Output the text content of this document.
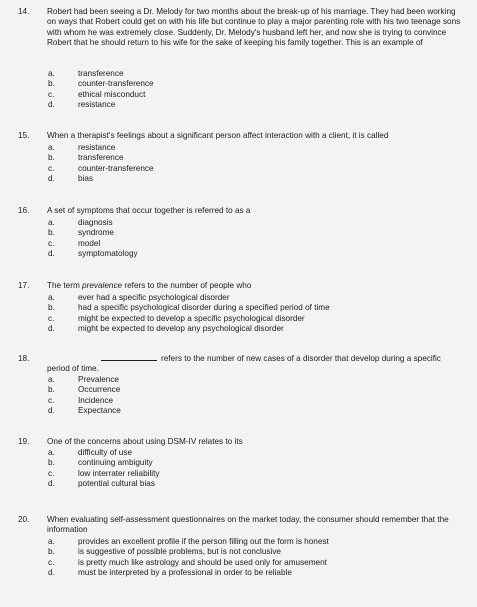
14. Robert had been seeing a Dr. Melody for two months about the break-up of his marriage. They had been working on ways that Robert could get on with his life but continue to play a major parenting role with his two teenage sons with whom he was extremely close. Suddenly, Dr. Melody's husband left her, and now she is trying to convince Robert that he should return to his wife for the sake of keeping his family together. This is an example of
a.	transference
b.	counter-transference
c.	ethical misconduct
d.	resistance
15. When a therapist's feelings about a significant person affect interaction with a client, it is called
a.	resistance
b.	transference
c.	counter-transference
d.	bias
16. A set of symptoms that occur together is referred to as a
a.	diagnosis
b.	syndrome
c.	model
d.	symptomatology
17. The term prevalence refers to the number of people who
a.	ever had a specific psychological disorder
b.	had a specific psychological disorder during a specified period of time
c.	might be expected to develop a specific psychological disorder
d.	might be expected to develop any psychological disorder
18.	refers to the number of new cases of a disorder that develop during a specific
period of time.
a.	Prevalence
b.	Occurrence
c.	Incidence
d.	Expectance
19. One of the concerns about using DSM-IV relates to its
a.	difficulty of use
b.	continuing ambiguity
c.	low interrater reliability
d.	potential cultural bias
20. When evaluating self-assessment questionnaires on the market today, the consumer should remember that the information
a.	provides an excellent profile if the person filling out the form is honest
b.	is suggestive of possible problems, but is not conclusive
c.	is pretty much like astrology and should be used only for amusement
d.	must be interpreted by a professional in order to be reliable
